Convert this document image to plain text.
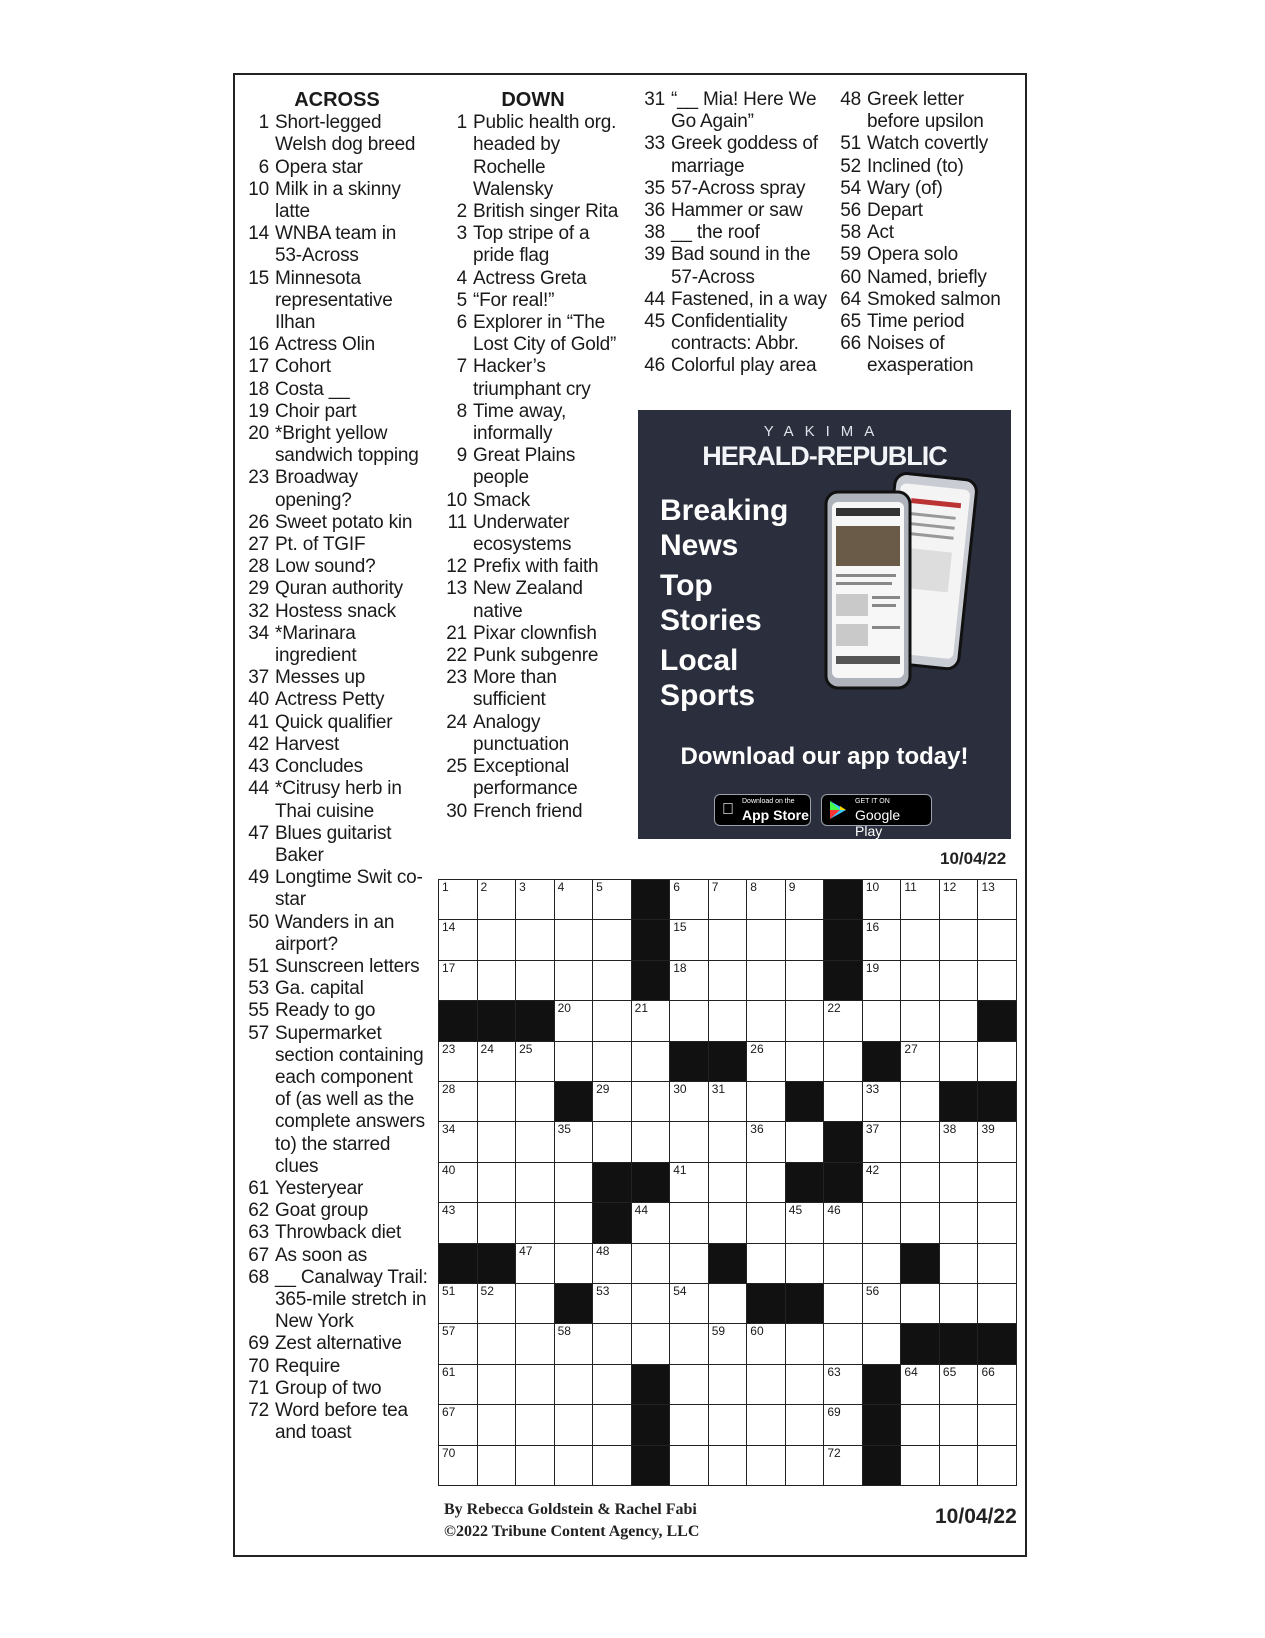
ACROSS
1 Short-legged Welsh dog breed
6 Opera star
10 Milk in a skinny latte
14 WNBA team in 53-Across
15 Minnesota representative Ilhan
16 Actress Olin
17 Cohort
18 Costa __
19 Choir part
20 *Bright yellow sandwich topping
23 Broadway opening?
26 Sweet potato kin
27 Pt. of TGIF
28 Low sound?
29 Quran authority
32 Hostess snack
34 *Marinara ingredient
37 Messes up
40 Actress Petty
41 Quick qualifier
42 Harvest
43 Concludes
44 *Citrusy herb in Thai cuisine
47 Blues guitarist Baker
49 Longtime Swit co-star
50 Wanders in an airport?
51 Sunscreen letters
53 Ga. capital
55 Ready to go
57 Supermarket section containing each component of (as well as the complete answers to) the starred clues
61 Yesteryear
62 Goat group
63 Throwback diet
67 As soon as
68 __ Canalway Trail: 365-mile stretch in New York
69 Zest alternative
70 Require
71 Group of two
72 Word before tea and toast
DOWN
1 Public health org. headed by Rochelle Walensky
2 British singer Rita
3 Top stripe of a pride flag
4 Actress Greta
5 “For real!”
6 Explorer in “The Lost City of Gold”
7 Hacker’s triumphant cry
8 Time away, informally
9 Great Plains people
10 Smack
11 Underwater ecosystems
12 Prefix with faith
13 New Zealand native
21 Pixar clownfish
22 Punk subgenre
23 More than sufficient
24 Analogy punctuation
25 Exceptional performance
30 French friend
31 “__ Mia! Here We Go Again”
33 Greek goddess of marriage
35 57-Across spray
36 Hammer or saw
38 __ the roof
39 Bad sound in the 57-Across
44 Fastened, in a way
45 Confidentiality contracts: Abbr.
46 Colorful play area
48 Greek letter before upsilon
51 Watch covertly
52 Inclined (to)
54 Wary (of)
56 Depart
58 Act
59 Opera solo
60 Named, briefly
64 Smoked salmon
65 Time period
66 Noises of exasperation
YAKIMA
HERALD-REPUBLIC
Breaking News
Top Stories
Local Sports
Download our app today!
Download on the
App Store
GET IT ON
Google Play
10/04/22
1	2	3	4	5	6	7	8	9	10 11 12 13
14	15	16
17	18	19
20	21	22
23 24 25	26	27
28	29	30 31	33
34	35	36	37	38 39
40	41	42
43	44	45 46
47	48
51 52	53	54	56
57	58	59 60
61	63	64 65 66
67	69
70	72
By Rebecca Goldstein & Rachel Fabi
©2022 Tribune Content Agency, LLC
10/04/22
